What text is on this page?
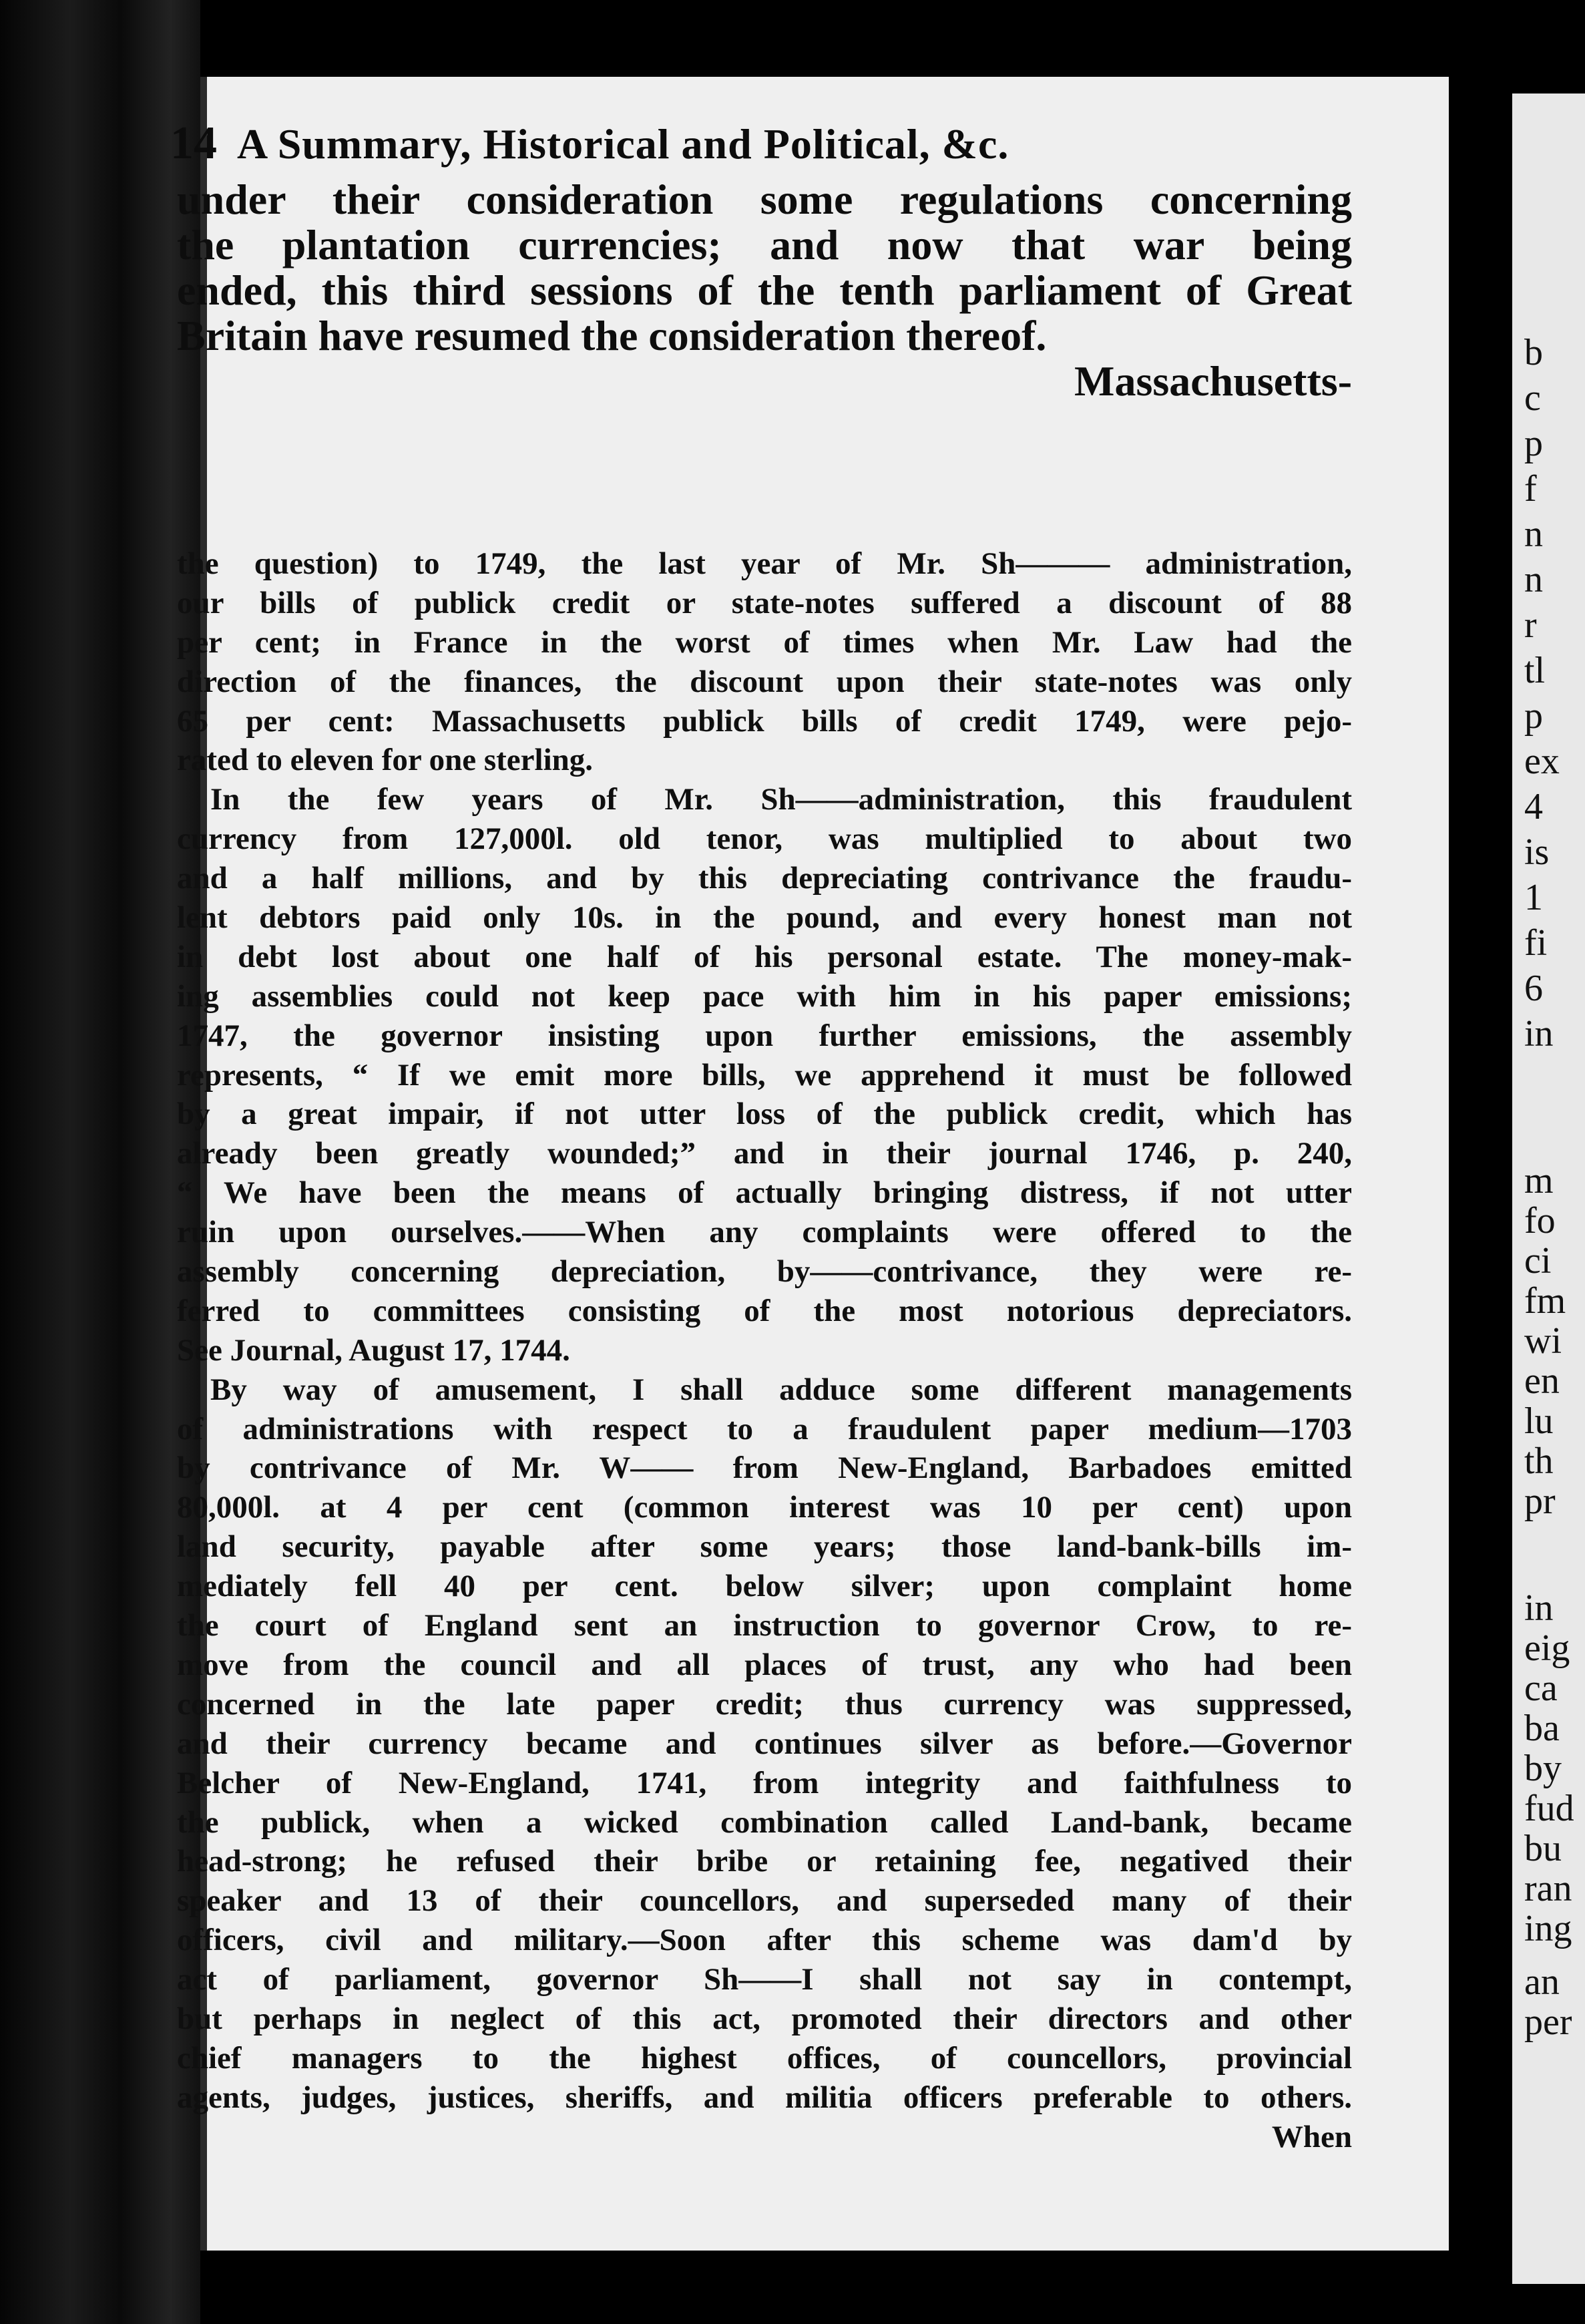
b
c
p
f
n
n
r
tl
p
ex
4
is
1
fi
6
in
m
fo
ci
fm
wi
en
lu
th
pr
in
eig
ca
ba
by
fud
bu
ran
ing
an
per
14 A Summary, Historical and Political, &c.
under their consideration some regulations concerning
the plantation currencies; and now that war being
ended, this third sessions of the tenth parliament of Great
Britain have resumed the consideration thereof.
Massachusetts-
the question) to 1749, the last year of Mr. Sh——— administration,
our bills of publick credit or state-notes suffered a discount of 88
per cent; in France in the worst of times when Mr. Law had the
direction of the finances, the discount upon their state-notes was only
65 per cent: Massachusetts publick bills of credit 1749, were pejo-
rated to eleven for one sterling.
In the few years of Mr. Sh——administration, this fraudulent
currency from 127,000l. old tenor, was multiplied to about two
and a half millions, and by this depreciating contrivance the fraudu-
lent debtors paid only 10s. in the pound, and every honest man not
in debt lost about one half of his personal estate. The money-mak-
ing assemblies could not keep pace with him in his paper emissions;
1747, the governor insisting upon further emissions, the assembly
represents, “ If we emit more bills, we apprehend it must be followed
by a great impair, if not utter loss of the publick credit, which has
already been greatly wounded;” and in their journal 1746, p. 240,
“ We have been the means of actually bringing distress, if not utter
ruin upon ourselves.——When any complaints were offered to the
assembly concerning depreciation, by——contrivance, they were re-
ferred to committees consisting of the most notorious depreciators.
See Journal, August 17, 1744.
By way of amusement, I shall adduce some different managements
of administrations with respect to a fraudulent paper medium—1703
by contrivance of Mr. W—— from New-England, Barbadoes emitted
80,000l. at 4 per cent (common interest was 10 per cent) upon
land security, payable after some years; those land-bank-bills im-
mediately fell 40 per cent. below silver; upon complaint home
the court of England sent an instruction to governor Crow, to re-
move from the council and all places of trust, any who had been
concerned in the late paper credit; thus currency was suppressed,
and their currency became and continues silver as before.—Governor
Belcher of New-England, 1741, from integrity and faithfulness to
the publick, when a wicked combination called Land-bank, became
head-strong; he refused their bribe or retaining fee, negatived their
speaker and 13 of their councellors, and superseded many of their
officers, civil and military.—Soon after this scheme was dam'd by
act of parliament, governor Sh——I shall not say in contempt,
but perhaps in neglect of this act, promoted their directors and other
chief managers to the highest offices, of councellors, provincial
agents, judges, justices, sheriffs, and militia officers preferable to others.
When
